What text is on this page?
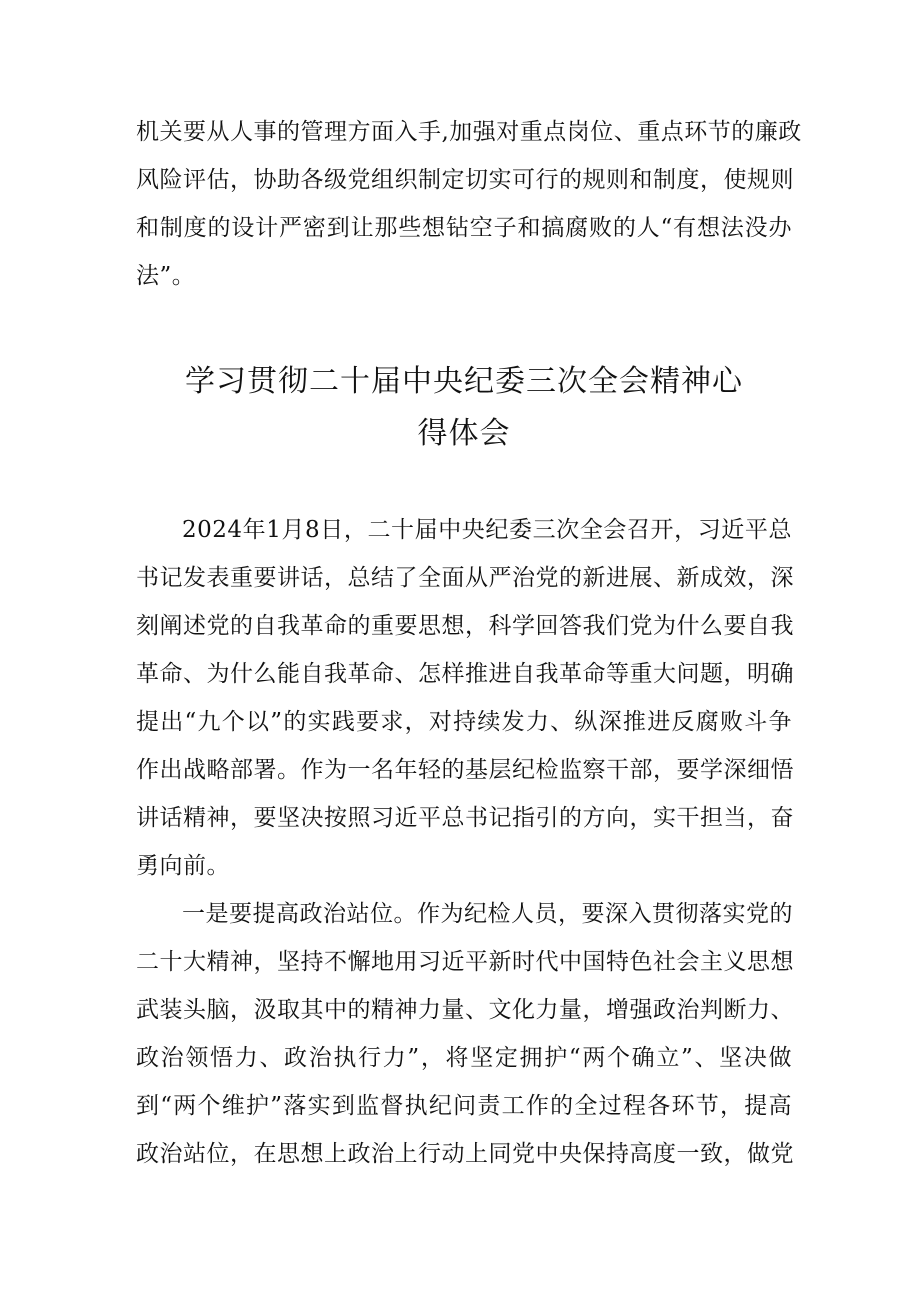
机关要从人事的管理方面入手,加强对重点岗位、重点环节的廉政
风险评估，协助各级党组织制定切实可行的规则和制度，使规则
和制度的设计严密到让那些想钻空子和搞腐败的人“有想法没办
法”。
学习贯彻二十届中央纪委三次全会精神心
得体会
2024年1月8日，二十届中央纪委三次全会召开，习近平总
书记发表重要讲话，总结了全面从严治党的新进展、新成效，深
刻阐述党的自我革命的重要思想，科学回答我们党为什么要自我
革命、为什么能自我革命、怎样推进自我革命等重大问题，明确
提出“九个以”的实践要求，对持续发力、纵深推进反腐败斗争
作出战略部署。作为一名年轻的基层纪检监察干部，要学深细悟
讲话精神，要坚决按照习近平总书记指引的方向，实干担当，奋
勇向前。
一是要提高政治站位。作为纪检人员，要深入贯彻落实党的
二十大精神，坚持不懈地用习近平新时代中国特色社会主义思想
武装头脑，汲取其中的精神力量、文化力量，增强政治判断力、
政治领悟力、政治执行力”，将坚定拥护“两个确立”、坚决做
到“两个维护”落实到监督执纪问责工作的全过程各环节，提高
政治站位，在思想上政治上行动上同党中央保持高度一致，做党
